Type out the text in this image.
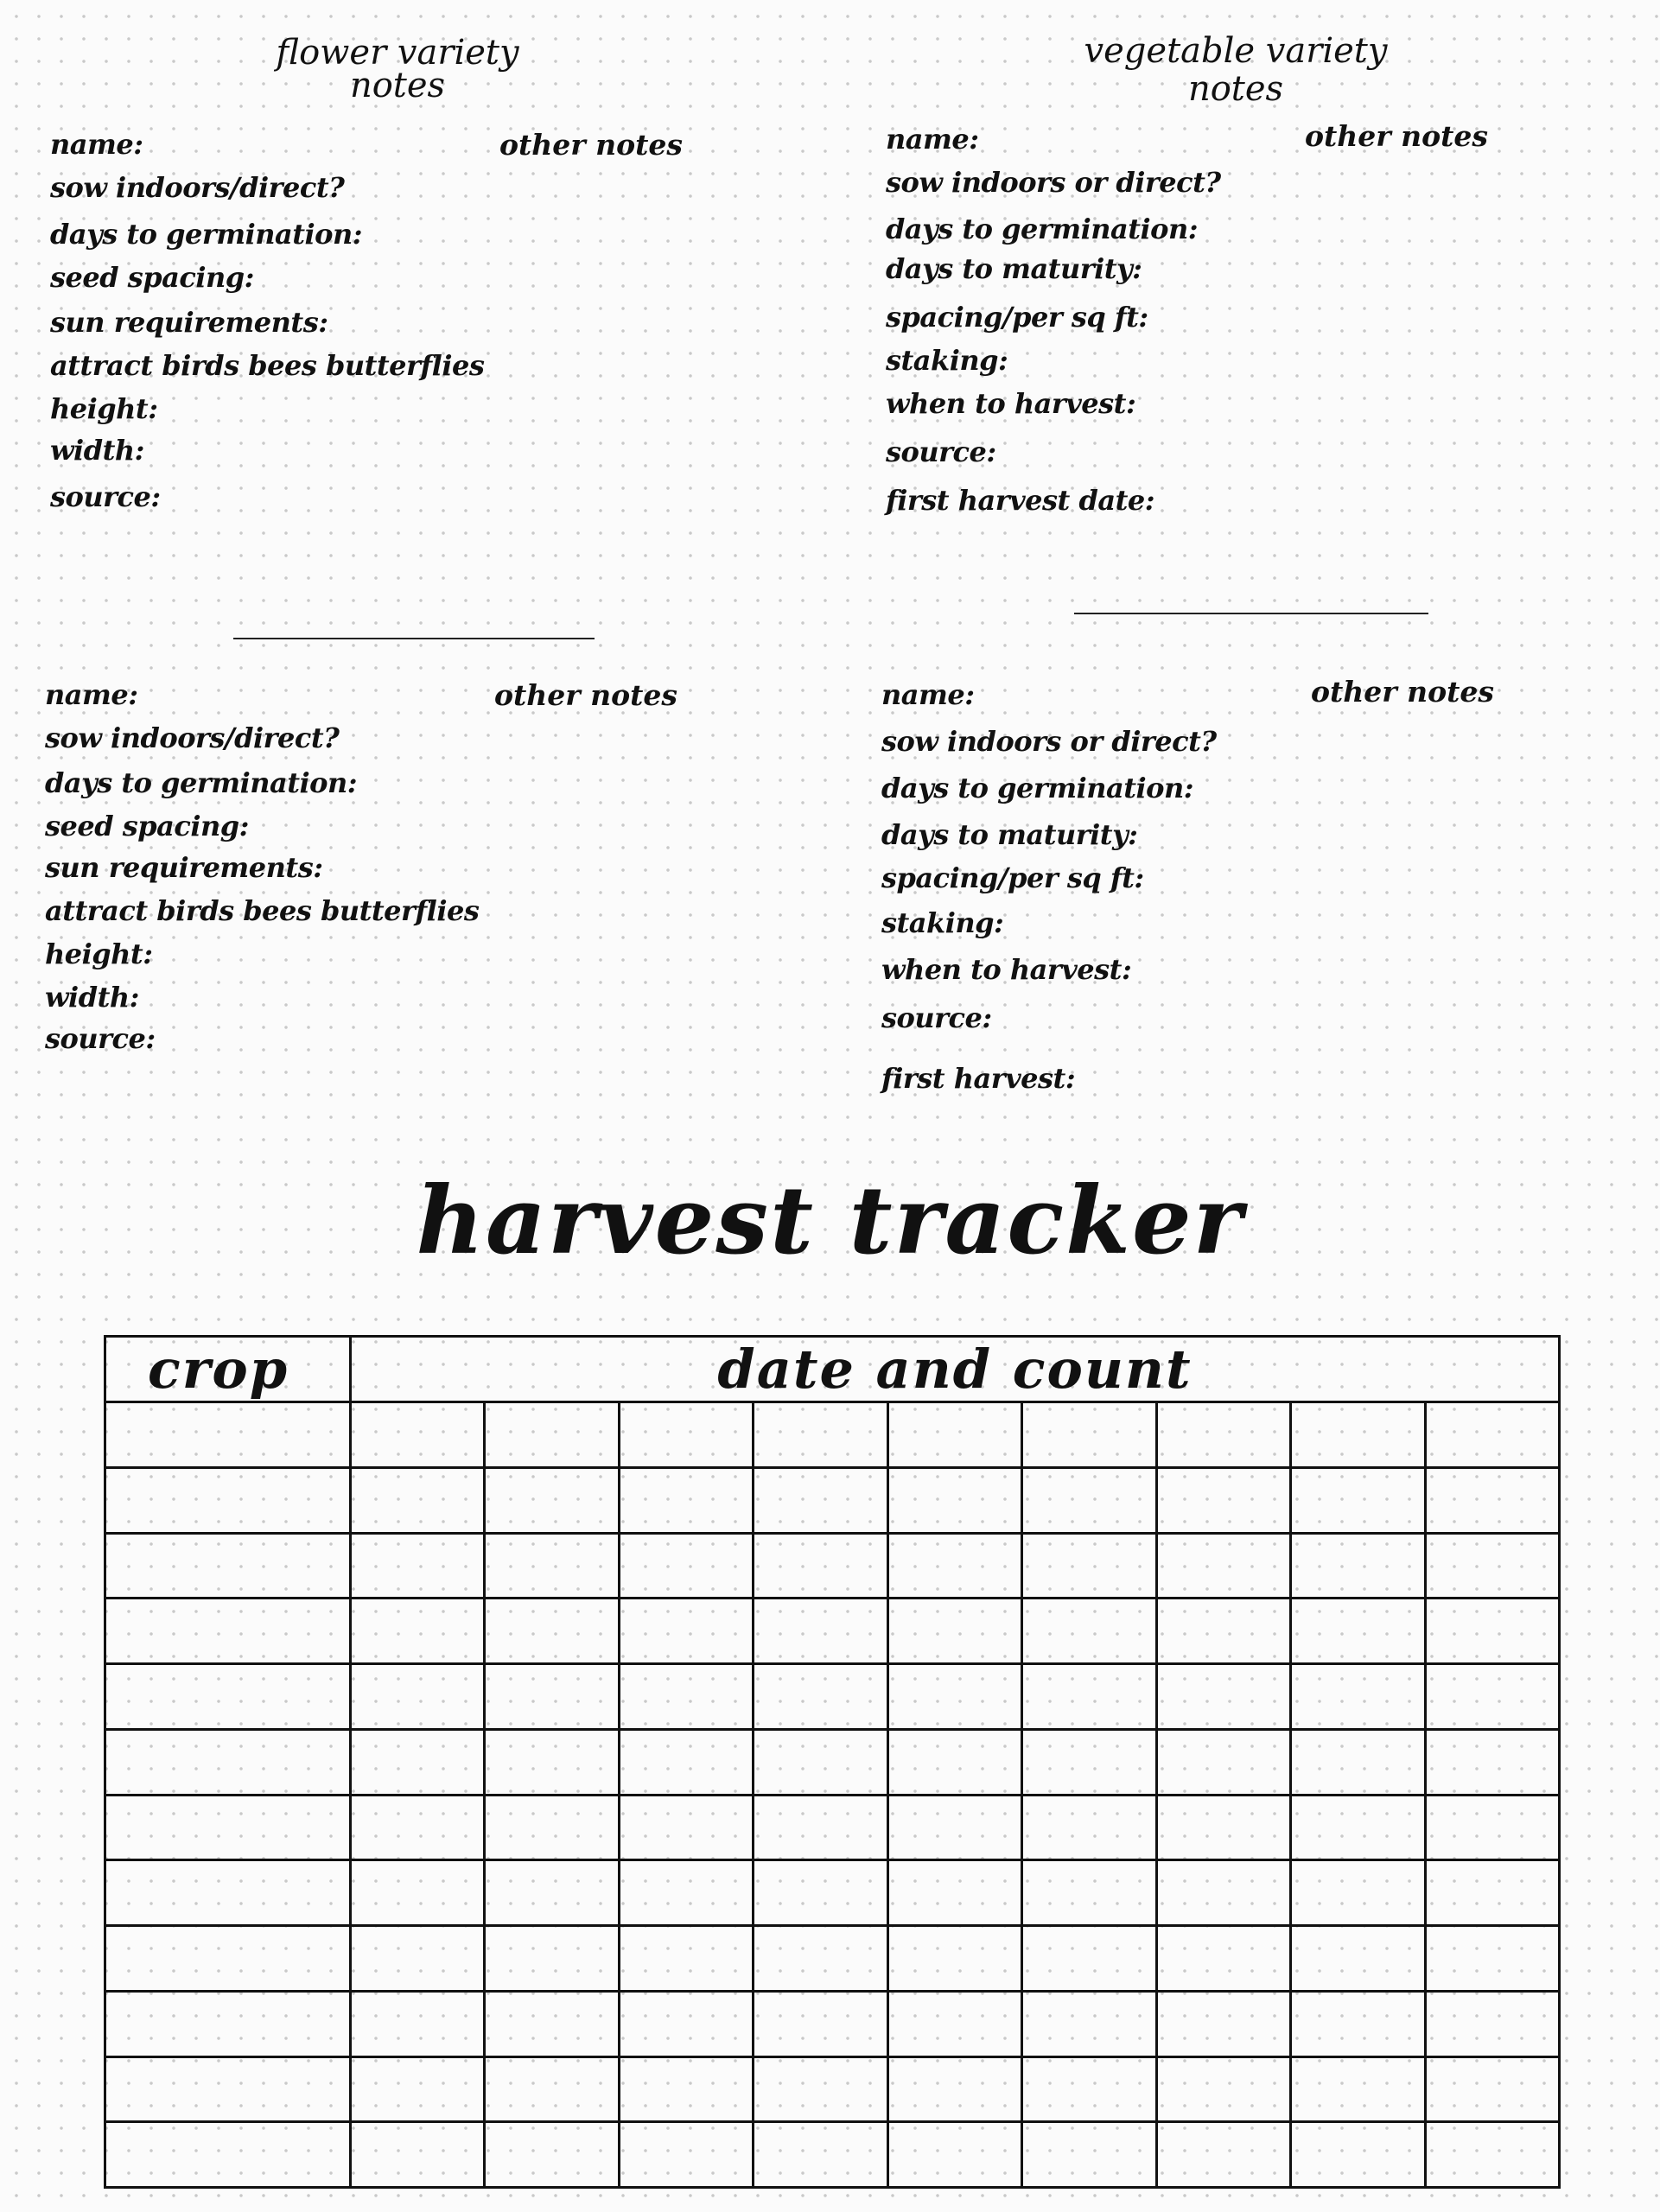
flower variety
notes
vegetable variety
notes
name:
sow indoors/direct?
days to germination:
seed spacing:
sun requirements:
attract birds bees butterflies
height:
width:
source:
other notes	name:
sow indoors or direct?
days to germination:
days to maturity:
spacing/per sq ft:
staking:
when to harvest:
source:
first harvest date:
other notes
name:
sow indoors/direct?
days to germination:
seed spacing:
sun requirements:
attract birds bees butterflies
height:
width:
source:
other notes	name:
sow indoors or direct?
days to germination:
days to maturity:
spacing/per sq ft:
staking:
when to harvest:
source:
first harvest:
other notes
harvest tracker
crop	date and count								
